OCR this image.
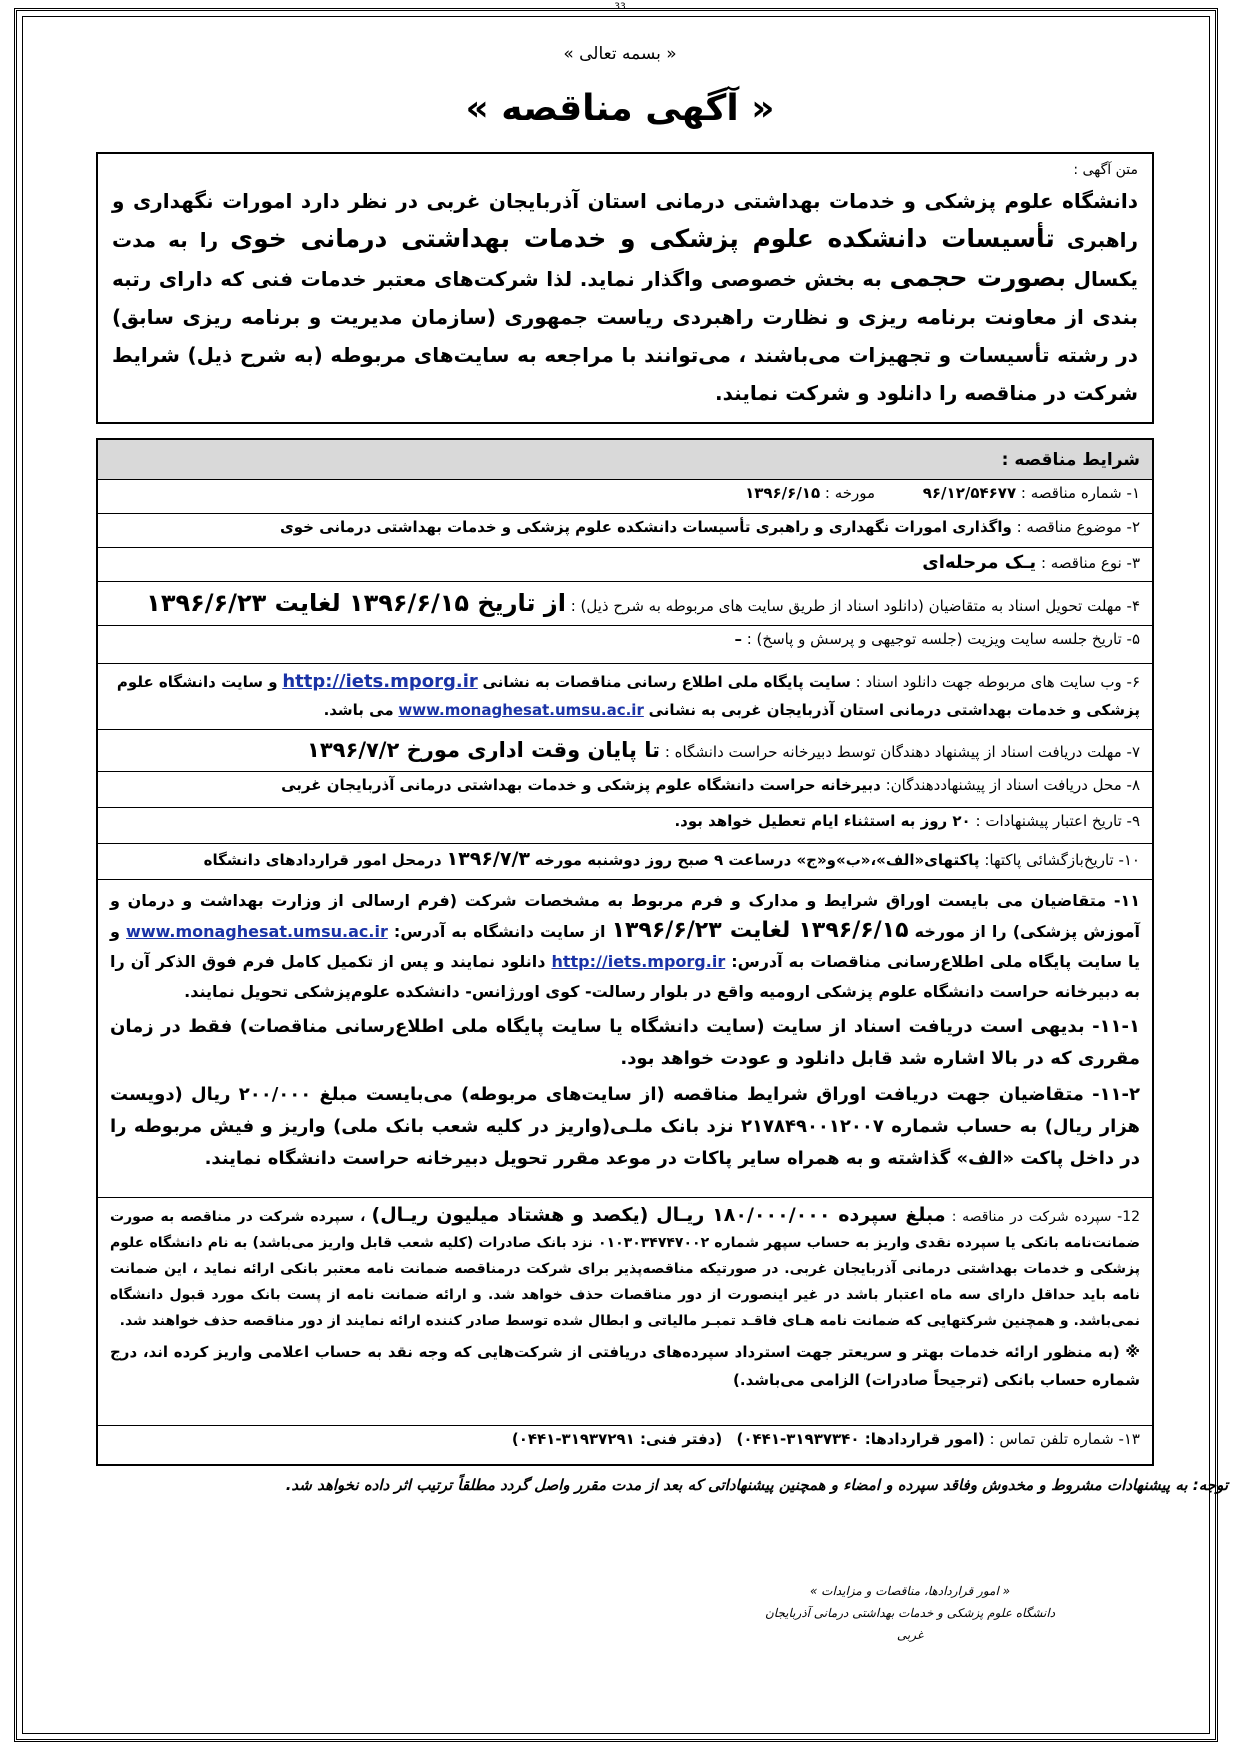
33
« بسمه تعالی »
« آگهی مناقصه »
متن آگهی :
دانشگاه علوم پزشکی و خدمات بهداشتی درمانی استان آذربایجان غربی در نظر دارد امورات نگهداری و راهبری تأسیسات دانشکده علوم پزشکی و خدمات بهداشتی درمانی خوی را به مدت یکسال بصورت حجمی به بخش خصوصی واگذار نماید. لذا شرکت‌های معتبر خدمات فنی که دارای رتبه بندی از معاونت برنامه ریزی و نظارت راهبردی ریاست جمهوری (سازمان مدیریت و برنامه ریزی سابق) در رشته تأسیسات و تجهیزات می‌باشند ، می‌توانند با مراجعه به سایت‌های مربوطه (به شرح ذیل) شرایط شرکت در مناقصه را دانلود و شرکت نمایند.
شرایط مناقصه :
۱- شماره مناقصه : ۹۶/۱۲/۵۴۶۷۷          مورخه : ۱۳۹۶/۶/۱۵
۲- موضوع مناقصه : واگذاری امورات نگهداری و راهبری تأسیسات دانشکده علوم پزشکی و خدمات بهداشتی درمانی خوی
۳- نوع مناقصه : یـک مرحله‌ای
۴- مهلت تحویل اسناد به متقاضیان (دانلود اسناد از طریق سایت های مربوطه به شرح ذیل) : از تاریخ ۱۳۹۶/۶/۱۵ لغایت ۱۳۹۶/۶/۲۳
۵- تاریخ جلسه سایت ویزیت (جلسه توجیهی و پرسش و پاسخ) : –
۶- وب سایت های مربوطه جهت دانلود اسناد : سایت پایگاه ملی اطلاع رسانی مناقصات به نشانی http://iets.mporg.ir و سایت دانشگاه علوم پزشکی و خدمات بهداشتی درمانی استان آذربایجان غربی به نشانی www.monaghesat.umsu.ac.ir می باشد.
۷- مهلت دریافت اسناد از پیشنهاد دهندگان توسط دبیرخانه حراست دانشگاه : تا پایان وقت اداری مورخ ۱۳۹۶/۷/۲
۸- محل دریافت اسناد از پیشنهاددهندگان: دبیرخانه حراست دانشگاه علوم پزشکی و خدمات بهداشتی درمانی آذربایجان غربی
۹- تاریخ اعتبار پیشنهادات : ۲۰ روز به استثناء ایام تعطیل خواهد بود.
۱۰- تاریخ‌بازگشائی پاکتها: پاکتهای«الف»،«ب»و«ج» درساعت ۹ صبح روز دوشنبه مورخه ۱۳۹۶/۷/۳ درمحل امور قراردادهای دانشگاه
۱۱- متقاضیان می بایست اوراق شرایط و مدارک و فرم مربوط به مشخصات شرکت (فرم ارسالی از وزارت بهداشت و درمان و آموزش پزشکی) را از مورخه ۱۳۹۶/۶/۱۵ لغایت ۱۳۹۶/۶/۲۳ از سایت دانشگاه به آدرس: www.monaghesat.umsu.ac.ir و یا سایت پایگاه ملی اطلاع‌رسانی مناقصات به آدرس: http://iets.mporg.ir دانلود نمایند و پس از تکمیل کامل فرم فوق الذکر آن را به دبیرخانه حراست دانشگاه علوم پزشکی ارومیه واقع در بلوار رسالت- کوی اورژانس- دانشکده علوم‌پزشکی تحویل نمایند.
۱۱-۱- بدیهی است دریافت اسناد از سایت (سایت دانشگاه یا سایت پایگاه ملی اطلاع‌رسانی مناقصات) فقط در زمان مقرری که در بالا اشاره شد قابل دانلود و عودت خواهد بود.
۱۱-۲- متقاضیان جهت دریافت اوراق شرایط مناقصه (از سایت‌های مربوطه) می‌بایست مبلغ ۲۰۰/۰۰۰ ریال (دویست هزار ریال) به حساب شماره ۲۱۷۸۴۹۰۰۱۲۰۰۷ نزد بانک ملـی(واریز در کلیه شعب بانک ملی) واریز و فیش مربوطه را در داخل پاکت «الف» گذاشته و به همراه سایر پاکات در موعد مقرر تحویل دبیرخانه حراست دانشگاه نمایند.
12- سپرده شرکت در مناقصه : مبلغ سپرده ۱۸۰/۰۰۰/۰۰۰ ریـال (یکصد و هشتاد میلیون ریـال) ، سپرده شرکت در مناقصه به صورت ضمانت‌نامه بانکی یا سپرده نقدی واریز به حساب سپهر شماره ۰۱۰۳۰۳۴۷۴۷۰۰۲ نزد بانک صادرات (کلیه شعب قابل واریز می‌باشد) به نام دانشگاه علوم پزشکی و خدمات بهداشتی درمانی آذربایجان غربی. در صورتیکه مناقصه‌پذیر برای شرکت درمناقصه ضمانت نامه معتبر بانکی ارائه نماید ، این ضمانت نامه باید حداقل دارای سه ماه اعتبار باشد در غیر اینصورت از دور مناقصات حذف خواهد شد. و ارائه ضمانت نامه از پست بانک مورد قبول دانشگاه نمی‌باشد. و همچنین شرکتهایی که ضمانت نامه هـای فاقـد تمبـر مالیاتی و ابطال شده توسط صادر کننده ارائه نمایند از دور مناقصه حذف خواهند شد.
※ (به منظور ارائه خدمات بهتر و سریعتر جهت استرداد سپرده‌های دریافتی از شرکت‌هایی که وجه نقد به حساب اعلامی واریز کرده اند، درج شماره حساب بانکی (ترجیحاً صادرات) الزامی می‌باشد.)
۱۳- شماره تلفن تماس : (امور قراردادها: ۳۱۹۳۷۳۴۰-۰۴۴۱)   (دفتر فنی: ۳۱۹۳۷۲۹۱-۰۴۴۱)
توجه: به پیشنهادات مشروط و مخدوش وفاقد سپرده و امضاء و همچنین پیشنهاداتی که بعد از مدت مقرر واصل گردد مطلقاً ترتیب اثر داده نخواهد شد.
« امور قراردادها، مناقصات و مزایدات »
دانشگاه علوم پزشکی و خدمات بهداشتی درمانی آذربایجان غربی
